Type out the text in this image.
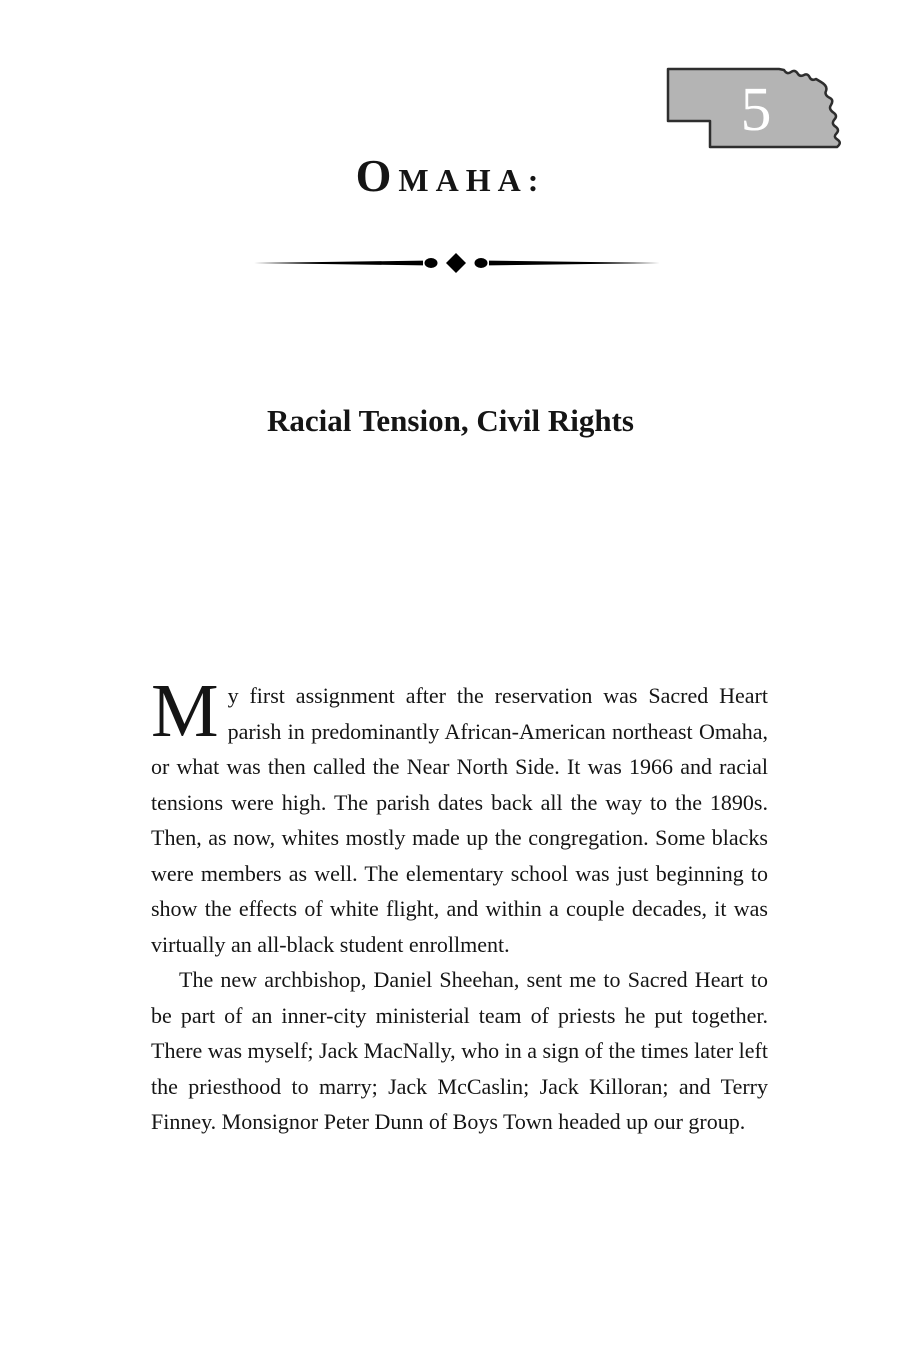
5
OMAHA:
Racial Tension, Civil Rights

My first assignment after the reservation was Sacred Heart parish in predominantly African-American northeast Omaha, or what was then called the Near North Side. It was 1966 and racial tensions were high. The parish dates back all the way to the 1890s. Then, as now, whites mostly made up the congregation. Some blacks were members as well. The elementary school was just beginning to show the effects of white flight, and within a couple decades, it was virtually an all-black student enrollment.

The new archbishop, Daniel Sheehan, sent me to Sacred Heart to be part of an inner-city ministerial team of priests he put together. There was myself; Jack MacNally, who in a sign of the times later left the priesthood to marry; Jack McCaslin; Jack Killoran; and Terry Finney. Monsignor Peter Dunn of Boys Town headed up our group.
